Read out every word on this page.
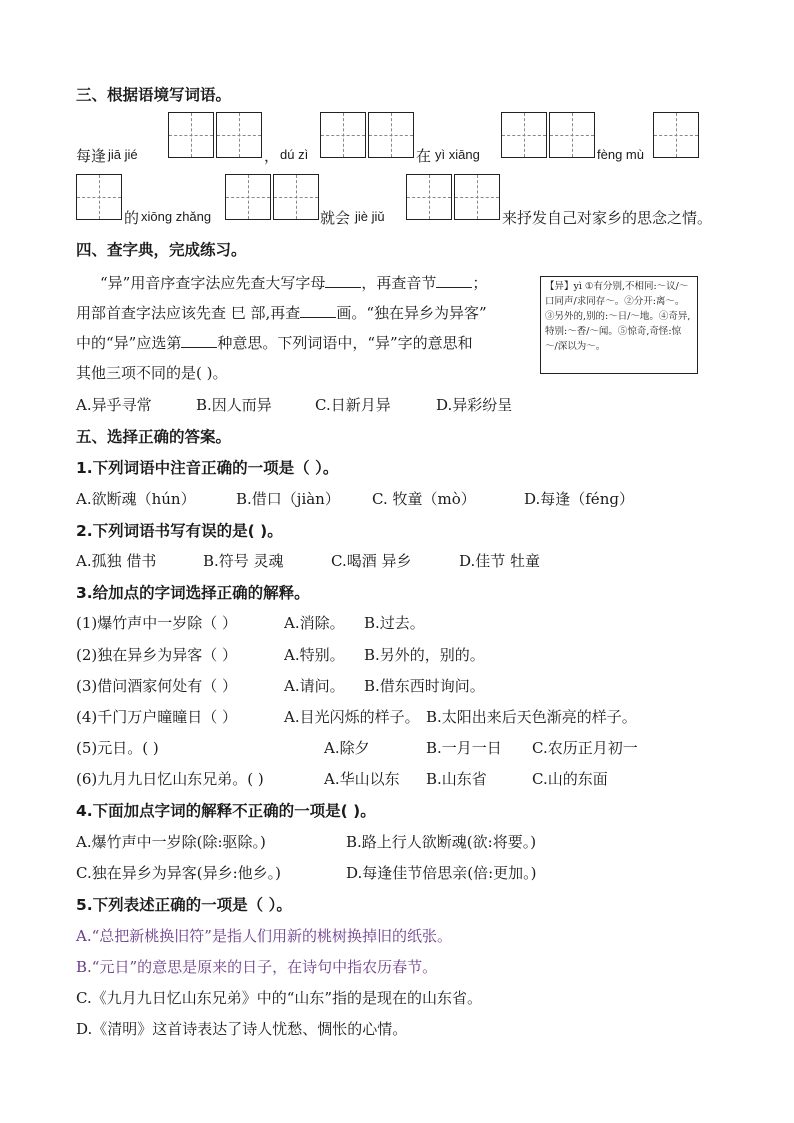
三、根据语境写词语。
每逢 jiā jié	， dú zì	在 yì xiāng	fèng mù
的 xiōng zhǎng	就会 jiè jiǔ	来抒发自己对家乡的思念之情。
四、查字典，完成练习。
“异”用音序查字法应先查大写字母 ，再查音节 ；
用部首查字法应该先查 巳 部,再查 画。“独在异乡为异客”
中的“异”应选第 种意思。下列词语中，“异”字的意思和
其他三项不同的是( )。
【异】yì ①有分别,不相同:～议/～口同声/求同存～。②分开:离～。③另外的,别的:～日/～地。④奇异,特别:～香/～闻。⑤惊奇,奇怪:惊～/深以为～。
A.异乎寻常	B.因人而异	C.日新月异	D.异彩纷呈
五、选择正确的答案。
1.下列词语中注音正确的一项是（ ）。
A.欲断魂（hún）	B.借口（jiàn） C. 牧童（mò）	D.每逢（fénɡ）
2.下列词语书写有误的是( )。
A.孤独 借书	B.符号 灵魂	C.喝酒 异乡	D.佳节 牡童
3.给加点的字词选择正确的解释。
(1)爆竹声中一岁除（ ）	A.消除。 B.过去。
(2)独在异乡为异客（ ）	A.特别。 B.另外的，别的。
(3)借问酒家何处有（ ）	A.请问。 B.借东西时询问。
(4)千门万户曈曈日（ ）	A.目光闪烁的样子。 B.太阳出来后天色渐亮的样子。
(5)元日。( )	A.除夕	B.一月一日 C.农历正月初一
(6)九月九日忆山东兄弟。( )	A.华山以东 B.山东省	C.山的东面
4.下面加点字词的解释不正确的一项是( )。
A.爆竹声中一岁除(除:驱除。)	B.路上行人欲断魂(欲:将要。)
C.独在异乡为异客(异乡:他乡。)	D.每逢佳节倍思亲(倍:更加。)
5.下列表述正确的一项是（ ）。
A.“总把新桃换旧符”是指人们用新的桃树换掉旧的纸张。
B.“元日”的意思是原来的日子，在诗句中指农历春节。
C.《九月九日忆山东兄弟》中的“山东”指的是现在的山东省。
D.《清明》这首诗表达了诗人忧愁、惆怅的心情。
